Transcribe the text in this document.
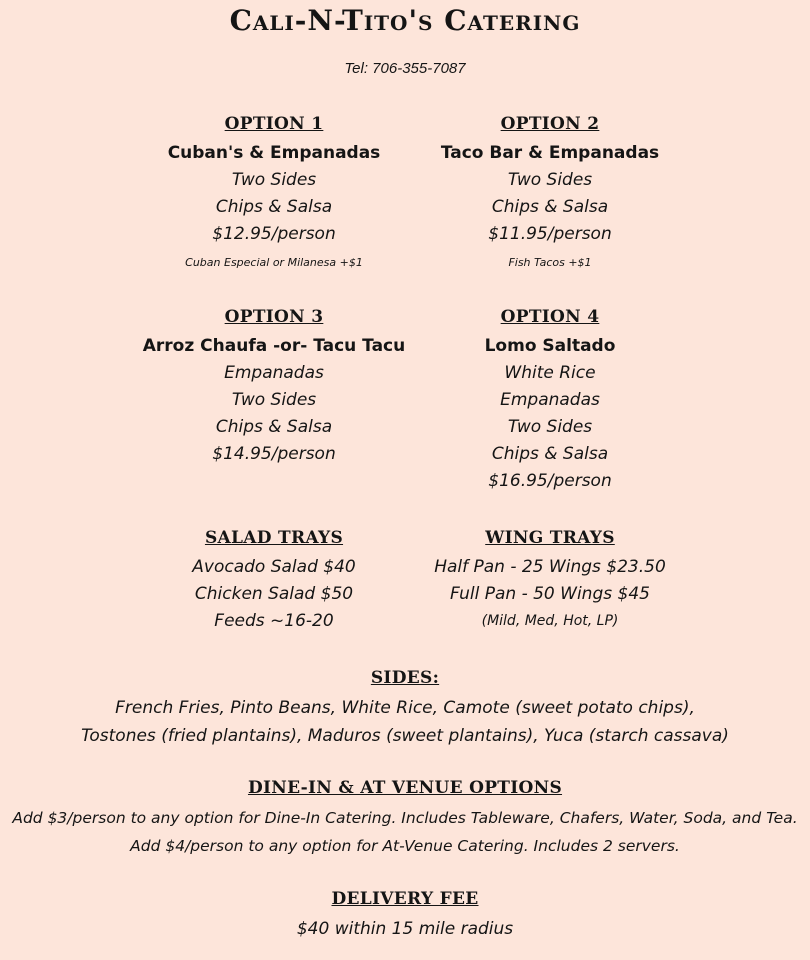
Cali-N-Tito's Catering
Tel: 706-355-7087
OPTION 1
Cuban's & Empanadas
Two Sides
Chips & Salsa
$12.95/person
Cuban Especial or Milanesa +$1
OPTION 2
Taco Bar & Empanadas
Two Sides
Chips & Salsa
$11.95/person
Fish Tacos +$1
OPTION 3
Arroz Chaufa -or- Tacu Tacu
Empanadas
Two Sides
Chips & Salsa
$14.95/person
OPTION 4
Lomo Saltado
White Rice
Empanadas
Two Sides
Chips & Salsa
$16.95/person
SALAD TRAYS
Avocado Salad $40
Chicken Salad $50
Feeds ~16-20
WING TRAYS
Half Pan - 25 Wings $23.50
Full Pan - 50 Wings $45
(Mild, Med, Hot, LP)
SIDES:
French Fries, Pinto Beans, White Rice, Camote (sweet potato chips),
Tostones (fried plantains), Maduros (sweet plantains), Yuca (starch cassava)
DINE-IN & AT VENUE OPTIONS
Add $3/person to any option for Dine-In Catering. Includes Tableware, Chafers, Water, Soda, and Tea.
Add $4/person to any option for At-Venue Catering. Includes 2 servers.
DELIVERY FEE
$40 within 15 mile radius
